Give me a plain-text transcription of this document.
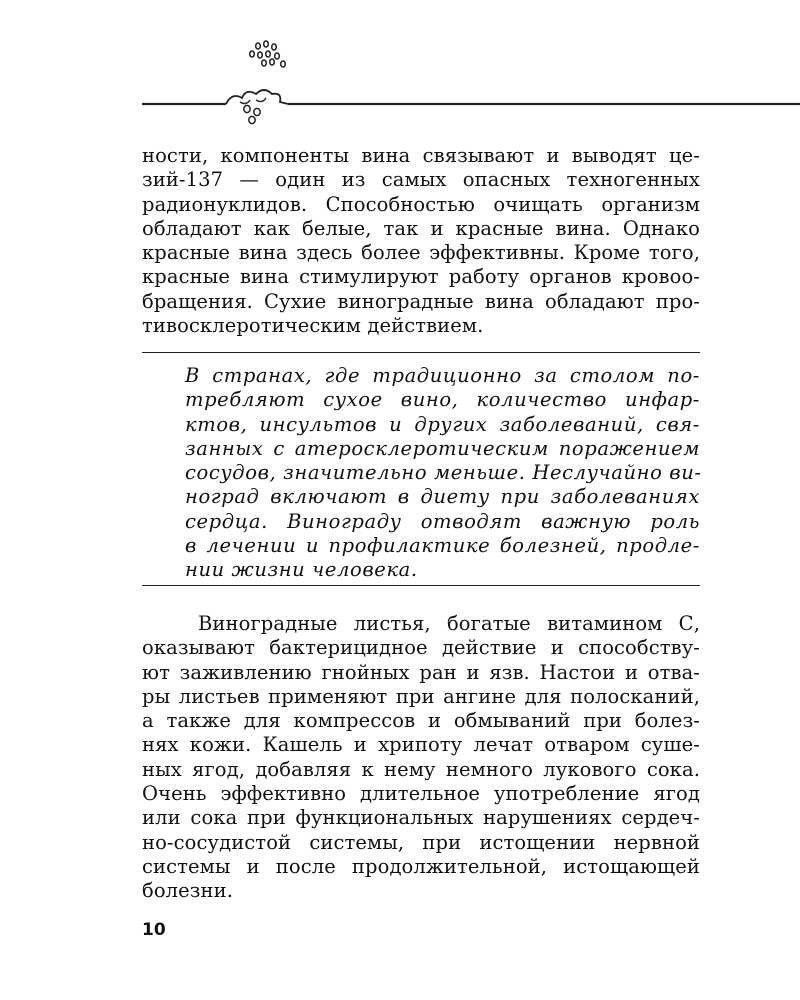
ности, компоненты вина связывают и выводят це-
зий-137 — один из самых опасных техногенных
радионуклидов. Способностью очищать организм
обладают как белые, так и красные вина. Однако
красные вина здесь более эффективны. Кроме того,
красные вина стимулируют работу органов кровоо-
бращения. Сухие виноградные вина обладают про-
тивосклеротическим действием.
В странах, где традиционно за столом по-
требляют сухое вино, количество инфар-
ктов, инсультов и других заболеваний, свя-
занных с атеросклеротическим поражением
сосудов, значительно меньше. Неслучайно ви-
ноград включают в диету при заболеваниях
сердца. Винограду отводят важную роль
в лечении и профилактике болезней, продле-
нии жизни человека.
Виноградные листья, богатые витамином С,
оказывают бактерицидное действие и способству-
ют заживлению гнойных ран и язв. Настои и отва-
ры листьев применяют при ангине для полосканий,
а также для компрессов и обмываний при болез-
нях кожи. Кашель и хрипоту лечат отваром суше-
ных ягод, добавляя к нему немного лукового сока.
Очень эффективно длительное употребление ягод
или сока при функциональных нарушениях сердеч-
но-сосудистой системы, при истощении нервной
системы и после продолжительной, истощающей
болезни.
10
